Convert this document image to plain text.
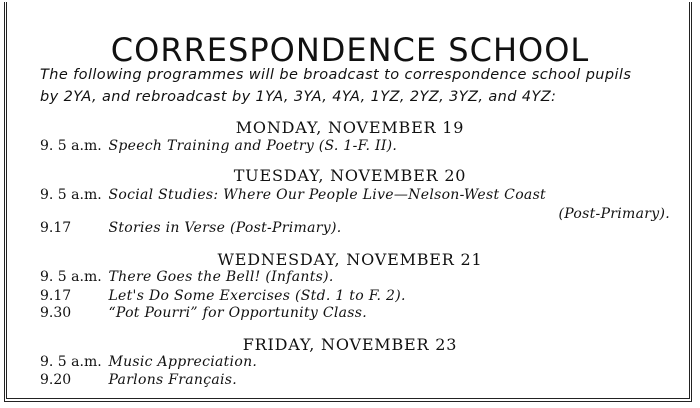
CORRESPONDENCE SCHOOL
The following programmes will be broadcast to correspondence school pupils
by 2YA, and rebroadcast by 1YA, 3YA, 4YA, 1YZ, 2YZ, 3YZ, and 4YZ:
MONDAY, NOVEMBER 19
9. 5 a.m. Speech Training and Poetry (S. 1-F. II).
TUESDAY, NOVEMBER 20
9. 5 a.m. Social Studies: Where Our People Live—Nelson-West Coast
(Post-Primary).
9.17	Stories in Verse (Post-Primary).
WEDNESDAY, NOVEMBER 21
9. 5 a.m. There Goes the Bell! (Infants).
9.17	Let's Do Some Exercises (Std. 1 to F. 2).
9.30	“Pot Pourri” for Opportunity Class.
FRIDAY, NOVEMBER 23
9. 5 a.m. Music Appreciation.
9.20	Parlons Français.
